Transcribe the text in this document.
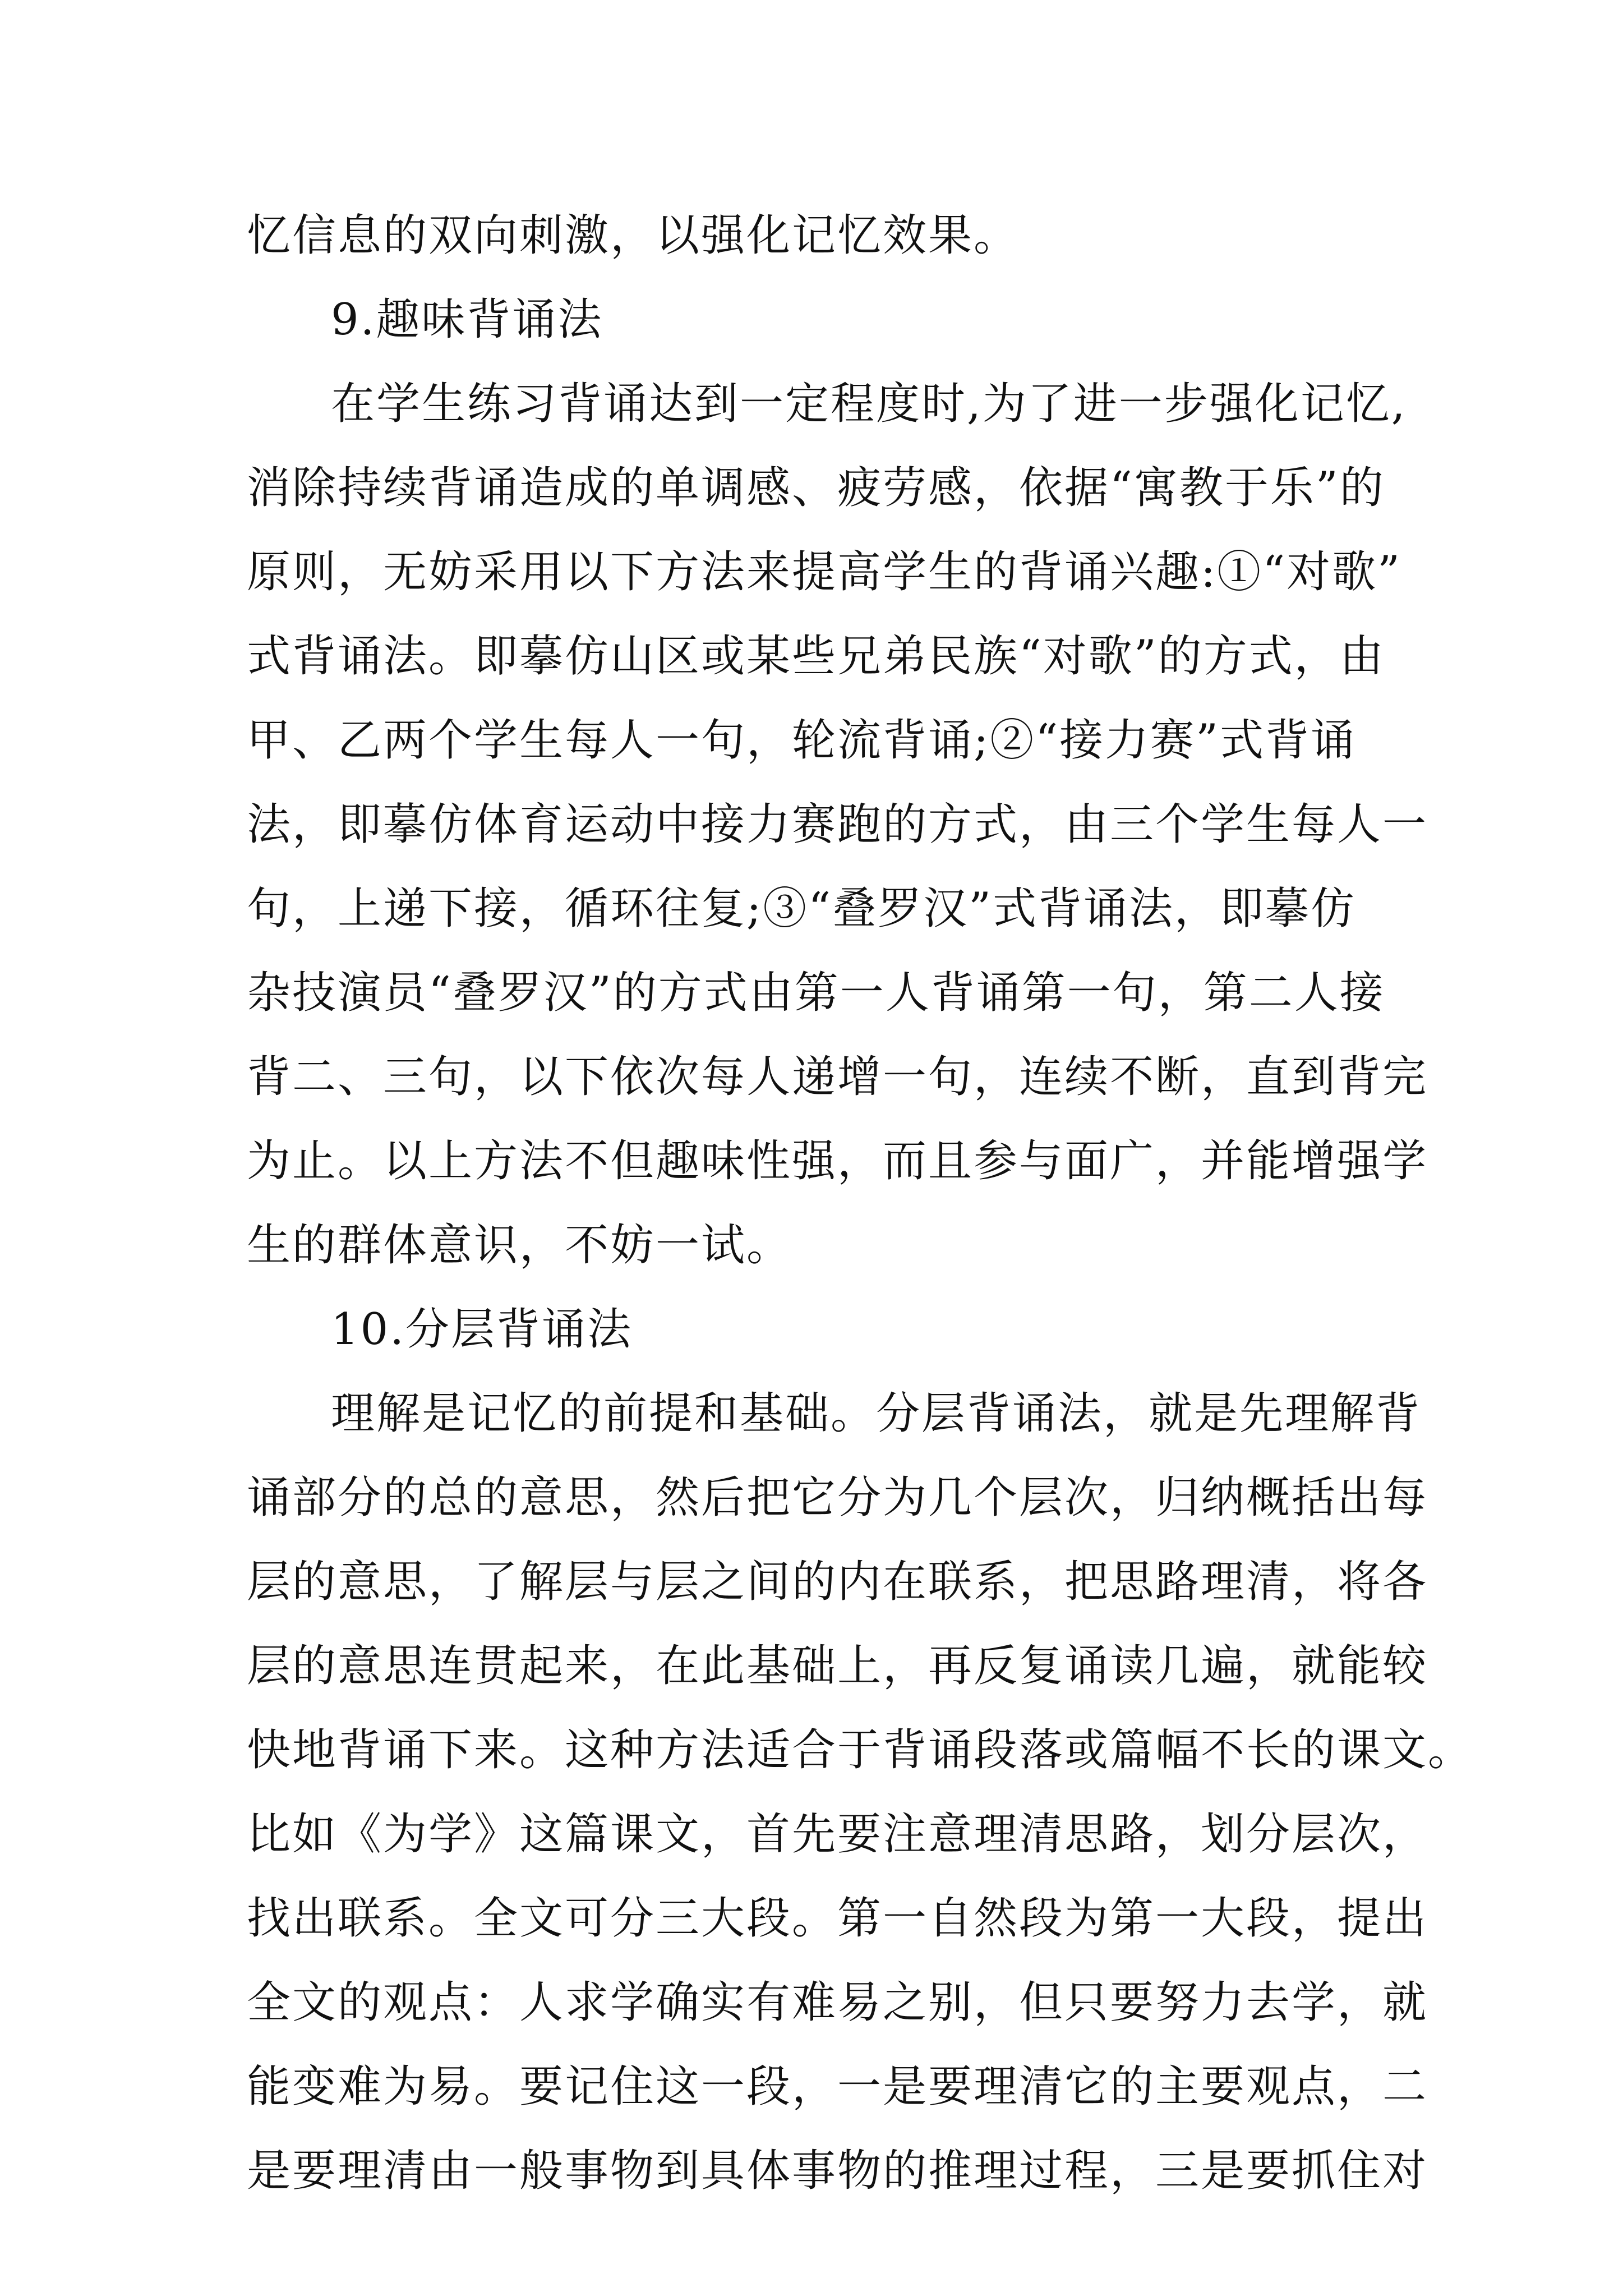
忆信息的双向刺激，以强化记忆效果。
9.趣味背诵法
在学生练习背诵达到一定程度时,为了进一步强化记忆,
消除持续背诵造成的单调感、疲劳感，依据“寓教于乐”的
原则，无妨采用以下方法来提高学生的背诵兴趣:①“对歌”
式背诵法。即摹仿山区或某些兄弟民族“对歌”的方式，由
甲、乙两个学生每人一句，轮流背诵;②“接力赛”式背诵
法，即摹仿体育运动中接力赛跑的方式，由三个学生每人一
句，上递下接，循环往复;③“叠罗汉”式背诵法，即摹仿
杂技演员“叠罗汉”的方式由第一人背诵第一句，第二人接
背二、三句，以下依次每人递增一句，连续不断，直到背完
为止。以上方法不但趣味性强，而且参与面广，并能增强学
生的群体意识，不妨一试。
10.分层背诵法
理解是记忆的前提和基础。分层背诵法，就是先理解背
诵部分的总的意思，然后把它分为几个层次，归纳概括出每
层的意思，了解层与层之间的内在联系，把思路理清，将各
层的意思连贯起来，在此基础上，再反复诵读几遍，就能较
快地背诵下来。这种方法适合于背诵段落或篇幅不长的课文。
比如《为学》这篇课文，首先要注意理清思路，划分层次，
找出联系。全文可分三大段。第一自然段为第一大段，提出
全文的观点：人求学确实有难易之别，但只要努力去学，就
能变难为易。要记住这一段，一是要理清它的主要观点，二
是要理清由一般事物到具体事物的推理过程，三是要抓住对
